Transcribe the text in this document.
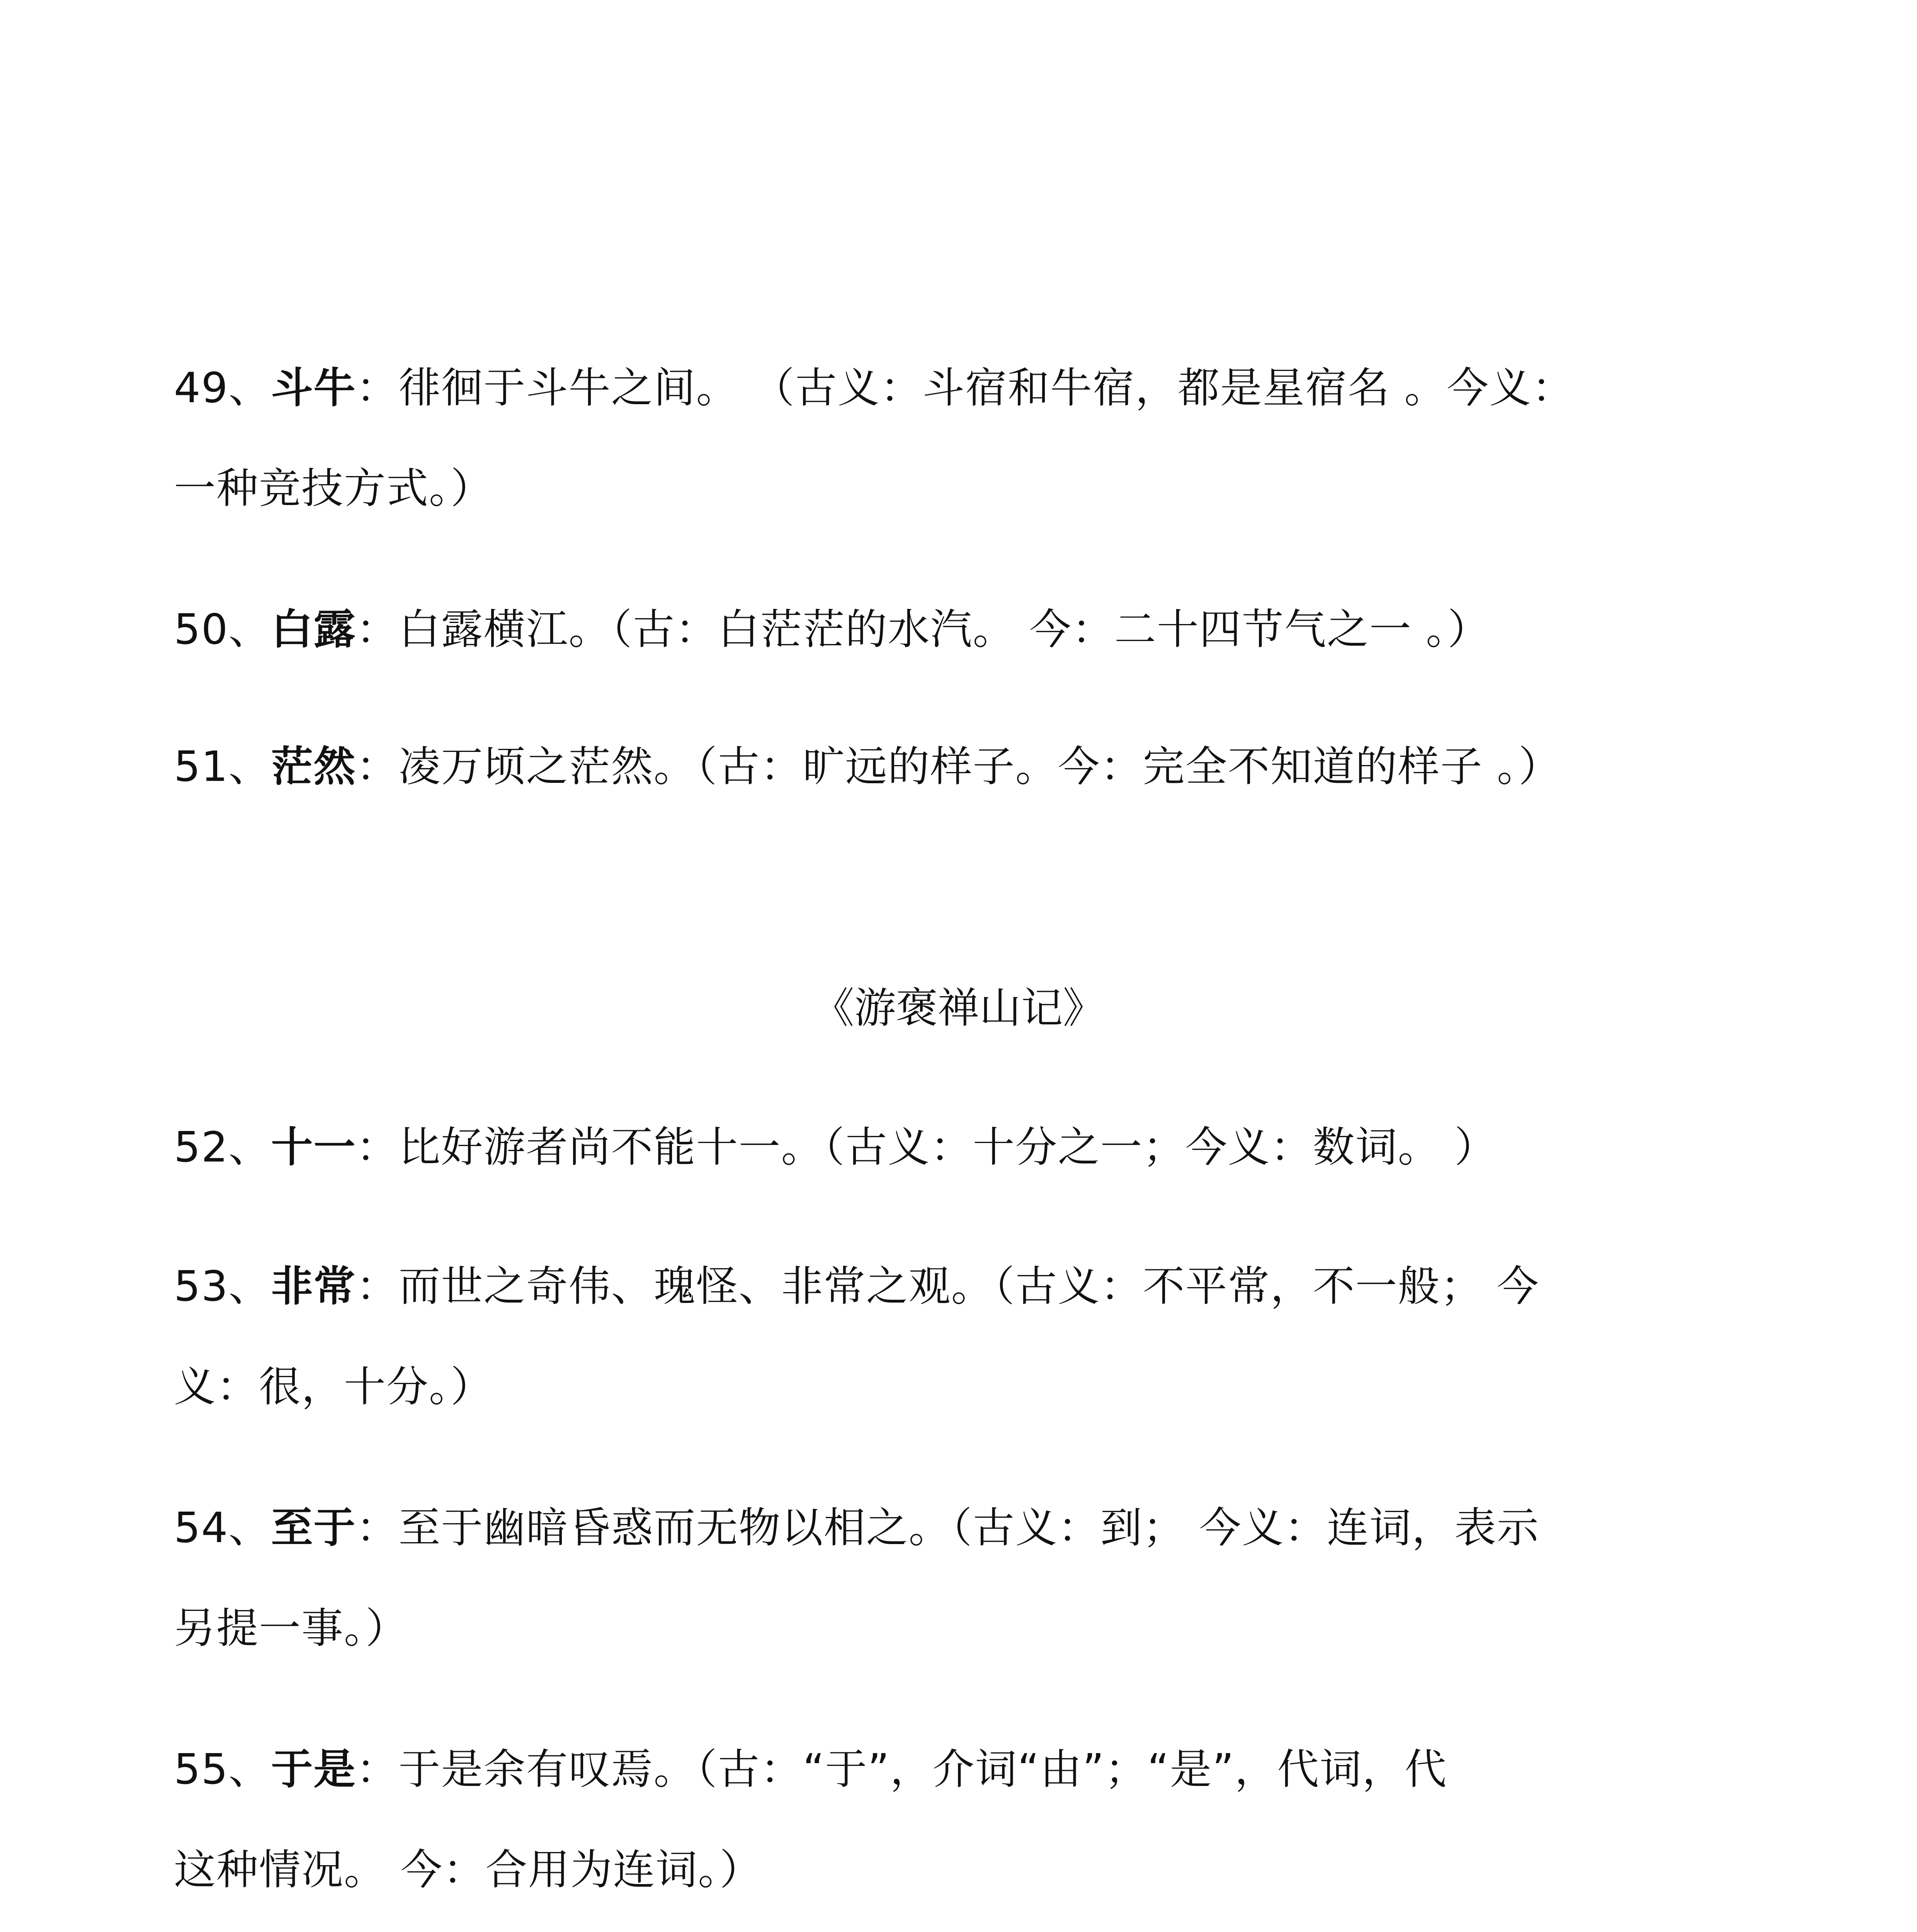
49、斗牛：徘徊于斗牛之间。 （古义：斗宿和牛宿，都是星宿名 。今义：
一种竞技方式。）
50、白露：白露横江。（古：白茫茫的水汽。 今：二十四节气之一 。）
51、茫然：凌万顷之茫然。（古：旷远的样子。今：完全不知道的样子 。）
《游褒禅山记》
52、十一：比好游者尚不能十一。（古义：十分之一；今义：数词。 ）
53、非常：而世之奇伟、瑰怪、非常之观。（古义：不平常，不一般； 今
义：很，十分。）
54、至于：至于幽暗昏惑而无物以相之。（古义：到； 今义：连词，表示
另提一事。）
55、于是：于是余有叹焉。（古：“于”，介词“由”；“是”，代词，代
这种情况。 今：合用为连词。）
